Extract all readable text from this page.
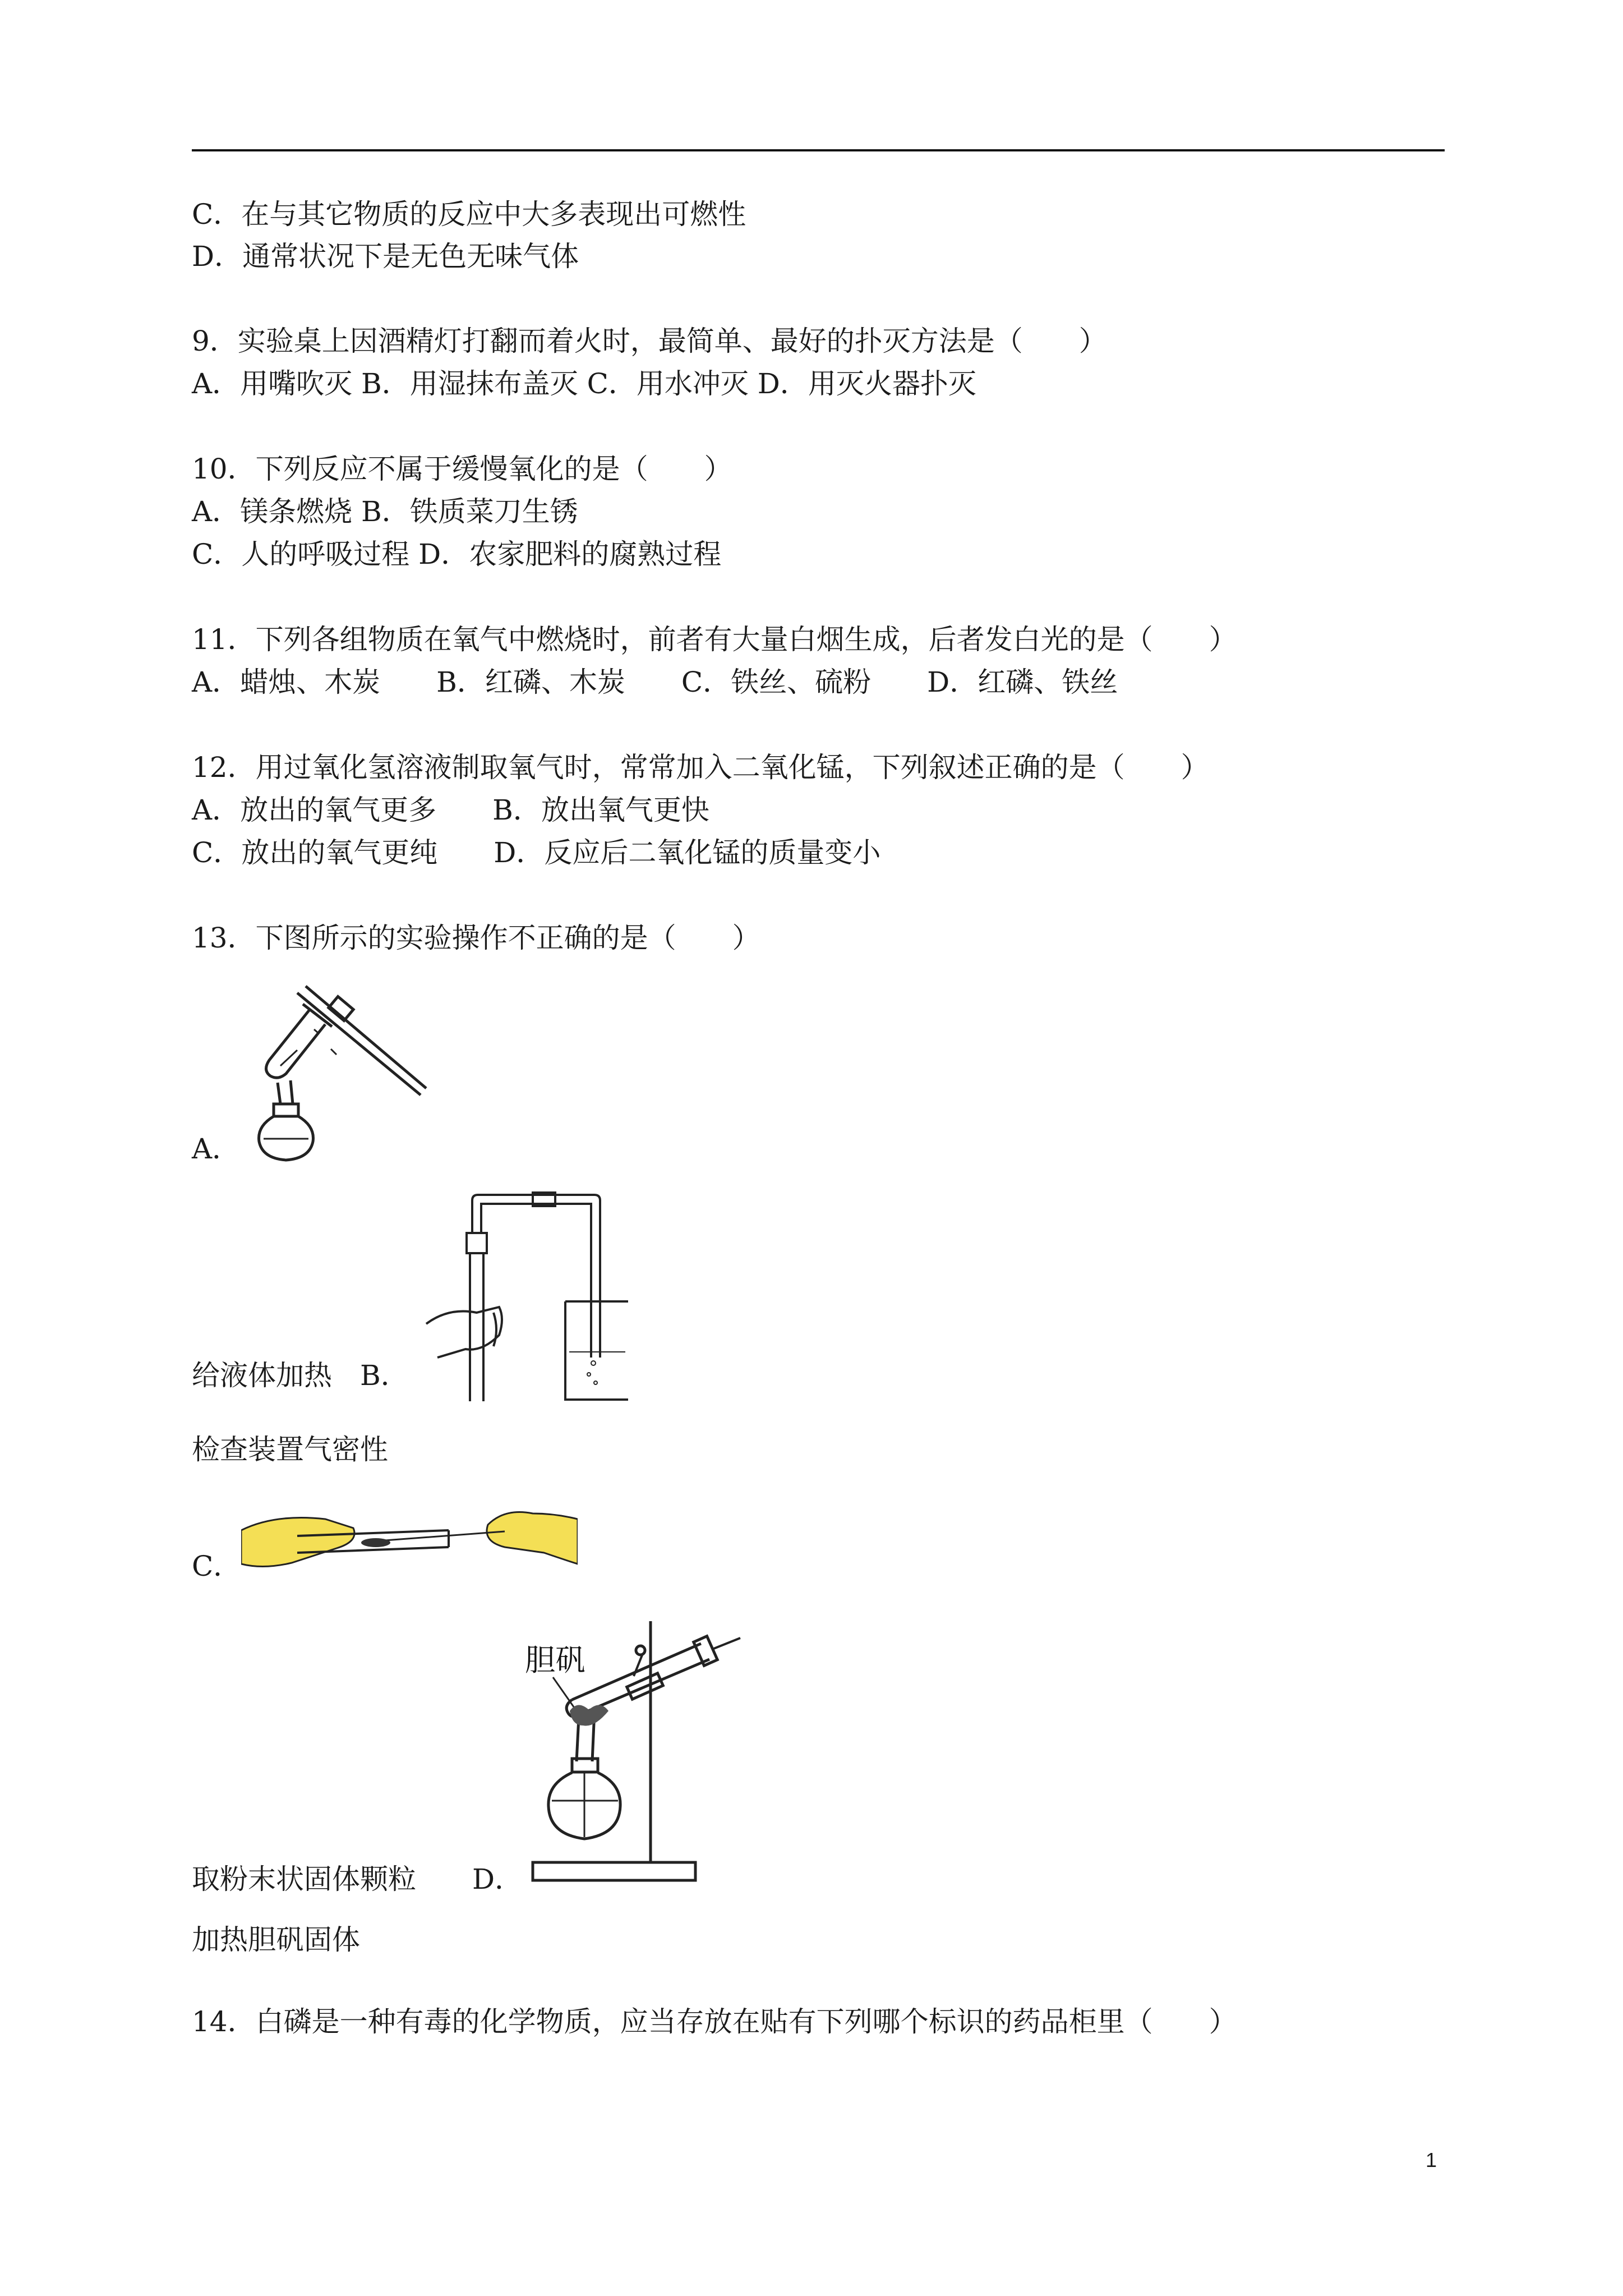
C．在与其它物质的反应中大多表现出可燃性
D．通常状况下是无色无味气体
9．实验桌上因酒精灯打翻而着火时，最简单、最好的扑灭方法是（　　）
A．用嘴吹灭 B．用湿抹布盖灭 C．用水冲灭 D．用灭火器扑灭
10．下列反应不属于缓慢氧化的是（　　）
A．镁条燃烧 B．铁质菜刀生锈
C．人的呼吸过程 D．农家肥料的腐熟过程
11．下列各组物质在氧气中燃烧时，前者有大量白烟生成，后者发白光的是（　　）
A．蜡烛、木炭　　B．红磷、木炭　　C．铁丝、硫粉　　D．红磷、铁丝
12．用过氧化氢溶液制取氧气时，常常加入二氧化锰，下列叙述正确的是（　　）
A．放出的氧气更多　　B．放出氧气更快
C．放出的氧气更纯　　D．反应后二氧化锰的质量变小
13．下图所示的实验操作不正确的是（　　）
A．
给液体加热　B．
检查装置气密性
C．
胆矾
取粉末状固体颗粒　　D．
加热胆矾固体
14．白磷是一种有毒的化学物质，应当存放在贴有下列哪个标识的药品柜里（　　）
1
